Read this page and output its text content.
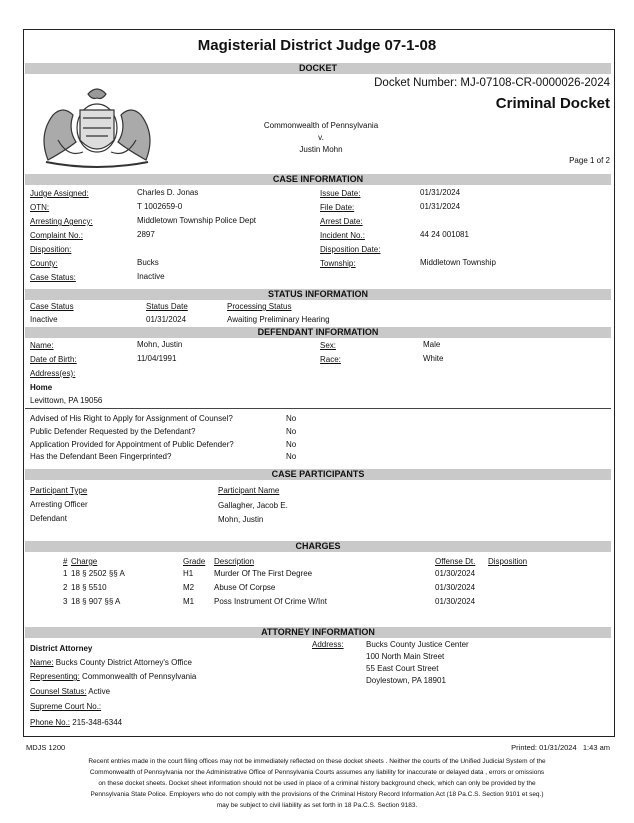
Magisterial District Judge 07-1-08
DOCKET
Docket Number: MJ-07108-CR-0000026-2024
Criminal Docket
Commonwealth of Pennsylvania
v.
Justin Mohn
Page 1 of 2
CASE INFORMATION
Judge Assigned:	Charles D. Jonas
OTN:	T 1002659-0
Arresting Agency:	Middletown Township Police Dept
Complaint No.:	2897
Disposition:
County:	Bucks
Case Status:	Inactive
Issue Date:	01/31/2024
File Date:	01/31/2024
Arrest Date:
Incident No.:	44 24 001081
Disposition Date:
Township:	Middletown Township
STATUS INFORMATION
Case Status	Status Date	Processing Status
Inactive	01/31/2024	Awaiting Preliminary Hearing
DEFENDANT INFORMATION
Name:	Mohn, Justin
Date of Birth:	11/04/1991
Address(es):
Sex:	Male
Race:	White
Home
Levittown, PA 19056
Advised of His Right to Apply for Assignment of Counsel?	No
Public Defender Requested by the Defendant?	No
Application Provided for Appointment of Public Defender?	No
Has the Defendant Been Fingerprinted?	No
CASE PARTICIPANTS
Participant Type	Participant Name
Arresting Officer	Gallagher, Jacob E.
Defendant	Mohn, Justin
CHARGES
# Charge	Grade Description	Offense Dt. Disposition
1 18 § 2502 §§ A	H1	Murder Of The First Degree	01/30/2024
2 18 § 5510	M2 Abuse Of Corpse	01/30/2024
3 18 § 907 §§ A	M1 Poss Instrument Of Crime W/Int	01/30/2024
ATTORNEY INFORMATION
District Attorney
Name: Bucks County District Attorney's Office
Representing: Commonwealth of Pennsylvania
Counsel Status: Active
Supreme Court No.:
Phone No.: 215-348-6344
Address:	Bucks County Justice Center
100 North Main Street
55 East Court Street
Doylestown, PA 18901
MDJS 1200	Printed: 01/31/2024   1:43 am
Recent entries made in the court filing offices may not be immediately reflected on these docket sheets . Neither the courts of the Unified Judicial System of the
Commonwealth of Pennsylvania nor the Administrative Office of Pennsylvania Courts assumes any liability for inaccurate or delayed data , errors or omissions
on these docket sheets. Docket sheet information should not be used in place of a criminal history background check, which can only be provided by the
Pennsylvania State Police. Employers who do not comply with the provisions of the Criminal History Record Information Act (18 Pa.C.S. Section 9101 et seq.)
may be subject to civil liability as set forth in 18 Pa.C.S. Section 9183.
